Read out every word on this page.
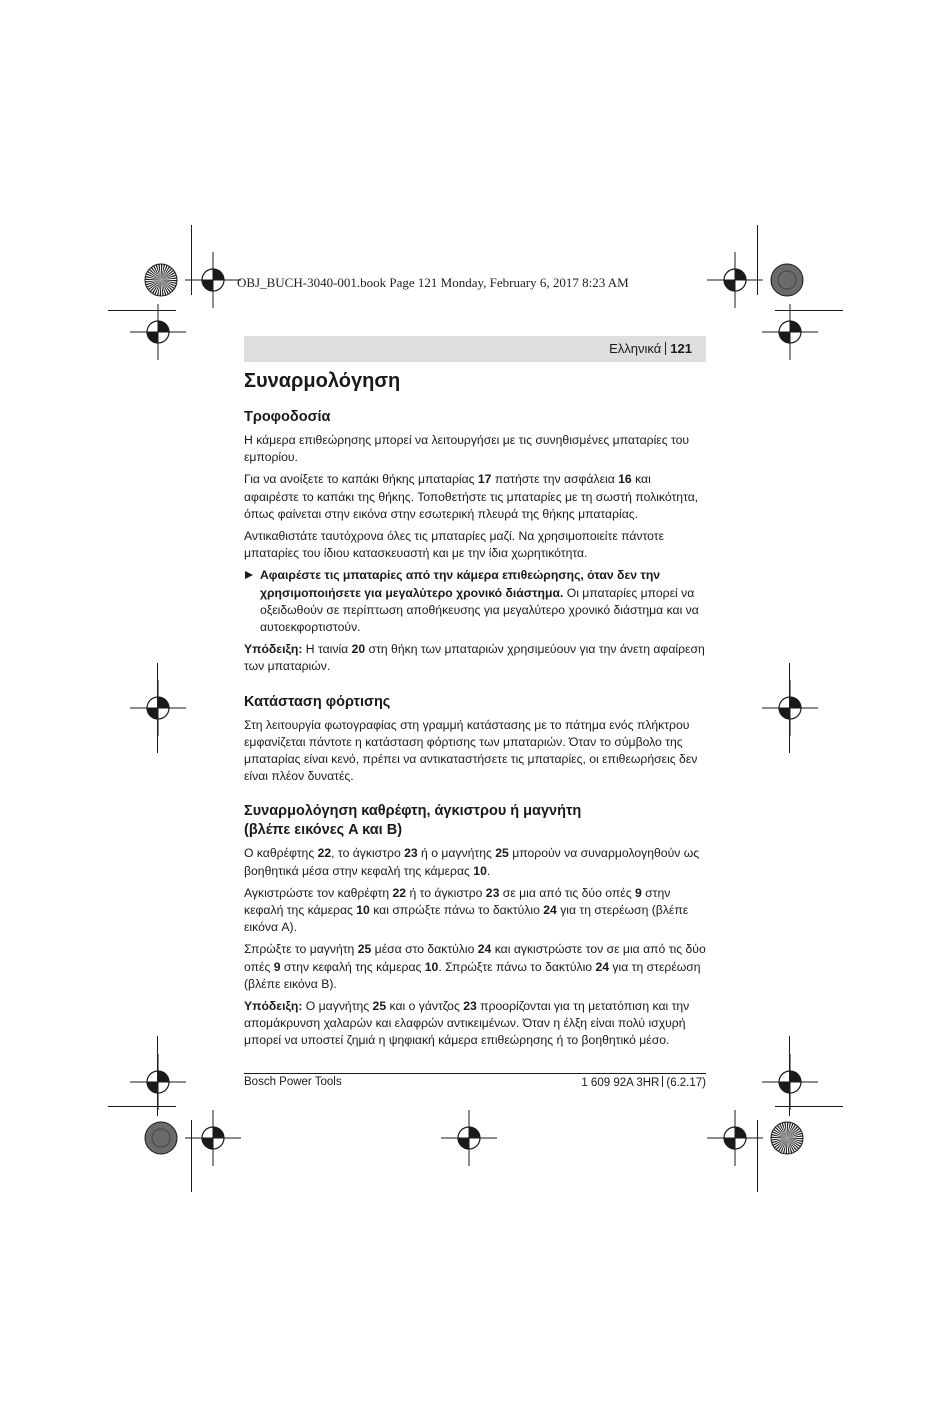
OBJ_BUCH-3040-001.book Page 121 Monday, February 6, 2017 8:23 AM
Ελληνικά 121
Συναρμολόγηση
Τροφοδοσία

Η κάμερα επιθεώρησης μπορεί να λειτουργήσει με τις συνηθισμένες μπαταρίες του εμπορίου.

Για να ανοίξετε το καπάκι θήκης μπαταρίας 17 πατήστε την ασφάλεια 16 και αφαιρέστε το καπάκι της θήκης. Τοποθετήστε τις μπαταρίες με τη σωστή πολικότητα, όπως φαίνεται στην εικόνα στην εσωτερική πλευρά της θήκης μπαταρίας.

Αντικαθιστάτε ταυτόχρονα όλες τις μπαταρίες μαζί. Να χρησιμοποιείτε πάντοτε μπαταρίες του ίδιου κατασκευαστή και με την ίδια χωρητικότητα.

Αφαιρέστε τις μπαταρίες από την κάμερα επιθεώρησης, όταν δεν την χρησιμοποιήσετε για μεγαλύτερο χρονικό διάστημα. Οι μπαταρίες μπορεί να οξειδωθούν σε περίπτωση αποθήκευσης για μεγαλύτερο χρονικό διάστημα και να αυτοεκφορτιστούν.

Υπόδειξη: Η ταινία 20 στη θήκη των μπαταριών χρησιμεύουν για την άνετη αφαίρεση των μπαταριών.

Κατάσταση φόρτισης

Στη λειτουργία φωτογραφίας στη γραμμή κατάστασης με το πάτημα ενός πλήκτρου εμφανίζεται πάντοτε η κατάσταση φόρτισης των μπαταριών. Όταν το σύμβολο της μπαταρίας είναι κενό, πρέπει να αντικαταστήσετε τις μπαταρίες, οι επιθεωρήσεις δεν είναι πλέον δυνατές.

Συναρμολόγηση καθρέφτη, άγκιστρου ή μαγνήτη
(βλέπε εικόνες A και B)

Ο καθρέφτης 22, το άγκιστρο 23 ή ο μαγνήτης 25 μπορούν να συναρμολογηθούν ως βοηθητικά μέσα στην κεφαλή της κάμερας 10.

Αγκιστρώστε τον καθρέφτη 22 ή το άγκιστρο 23 σε μια από τις δύο οπές 9 στην κεφαλή της κάμερας 10 και σπρώξτε πάνω το δακτύλιο 24 για τη στερέωση (βλέπε εικόνα A).

Σπρώξτε το μαγνήτη 25 μέσα στο δακτύλιο 24 και αγκιστρώστε τον σε μια από τις δύο οπές 9 στην κεφαλή της κάμερας 10. Σπρώξτε πάνω το δακτύλιο 24 για τη στερέωση (βλέπε εικόνα B).

Υπόδειξη: Ο μαγνήτης 25 και ο γάντζος 23 προορίζονται για τη μετατόπιση και την απομάκρυνση χαλαρών και ελαφρών αντικειμένων. Όταν η έλξη είναι πολύ ισχυρή μπορεί να υποστεί ζημιά η ψηφιακή κάμερα επιθεώρησης ή το βοηθητικό μέσο.

Bosch Power Tools	1 609 92A 3HR (6.2.17)
